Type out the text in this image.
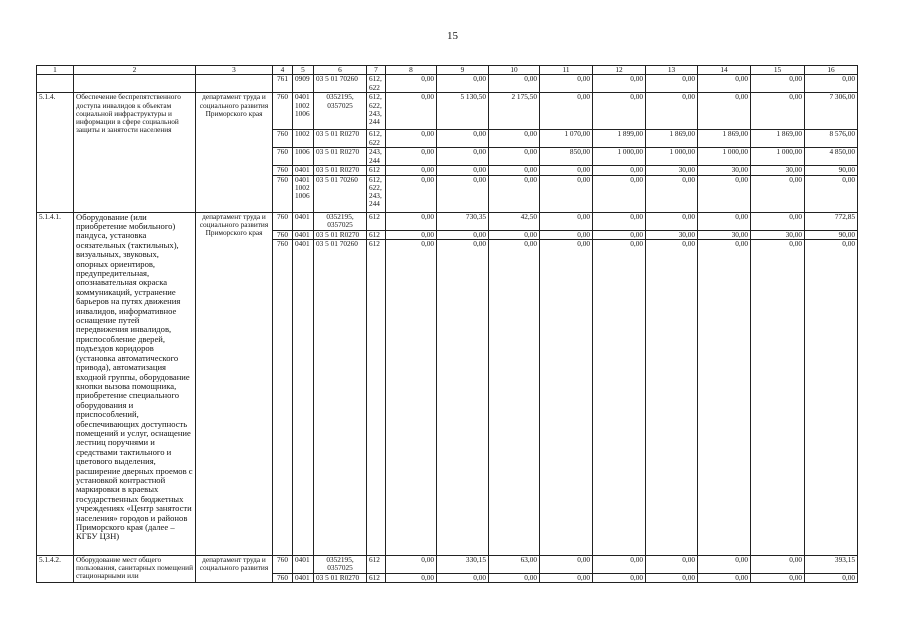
15
1	2	3	4	5	6	7	8	9	10	11	12	13	14	15	16
			761	0909	03 5 01 70260	612,
622	0,00	0,00	0,00	0,00	0,00	0,00	0,00	0,00	0,00
5.1.4.	Обеспечение беспрепятственного доступа инвалидов к объектам социальной инфраструктуры и информации в сфере социальной защиты и занятости населения	департамент труда и социального развития Приморского края	760	0401
1002
1006	0352195,
0357025	612,
622,
243,
244	0,00	5 130,50	2 175,50	0,00	0,00	0,00	0,00	0,00	7 306,00
			760	1002	03 5 01 R0270	612,
622	0,00	0,00	0,00	1 070,00	1 899,00	1 869,00	1 869,00	1 869,00	8 576,00
			760	1006	03 5 01 R0270	243,
244	0,00	0,00	0,00	850,00	1 000,00	1 000,00	1 000,00	1 000,00	4 850,00
			760	0401	03 5 01 R0270	612	0,00	0,00	0,00	0,00	0,00	30,00	30,00	30,00	90,00
			760	0401
1002
1006	03 5 01 70260	612,
622,
243,
244	0,00	0,00	0,00	0,00	0,00	0,00	0,00	0,00	0,00
5.1.4.1.	Оборудование (или приобретение мобильного) пандуса, установка осязательных (тактильных), визуальных, звуковых, опорных ориентиров, предупредительная, опознавательная окраска коммуникаций, устранение барьеров на путях движения инвалидов, информативное оснащение путей передвижения инвалидов, приспособление дверей, подъездов коридоров (установка автоматического привода), автоматизация входной группы, оборудование кнопки вызова помощника, приобретение специального оборудования и приспособлений, обеспечивающих доступность помещений и услуг, оснащение лестниц поручнями и средствами тактильного и цветового выделения, расширение дверных проемов с установкой контрастной маркировки в краевых государственных бюджетных учреждениях «Центр занятости населения» городов и районов Приморского края (далее – КГБУ ЦЗН)	департамент труда и социального развития Приморского края	760	0401	0352195,
0357025	612	0,00	730,35	42,50	0,00	0,00	0,00	0,00	0,00	772,85
			760	0401	03 5 01 R0270	612	0,00	0,00	0,00	0,00	0,00	30,00	30,00	30,00	90,00
			760	0401	03 5 01 70260	612	0,00	0,00	0,00	0,00	0,00	0,00	0,00	0,00	0,00
5.1.4.2.	Оборудование мест общего пользования, санитарных помещений стационарными или	департамент труда и социального развития	760	0401	0352195,
0357025	612	0,00	330,15	63,00	0,00	0,00	0,00	0,00	0,00	393,15
			760	0401	03 5 01 R0270	612	0,00	0,00	0,00	0,00	0,00	0,00	0,00	0,00	0,00
